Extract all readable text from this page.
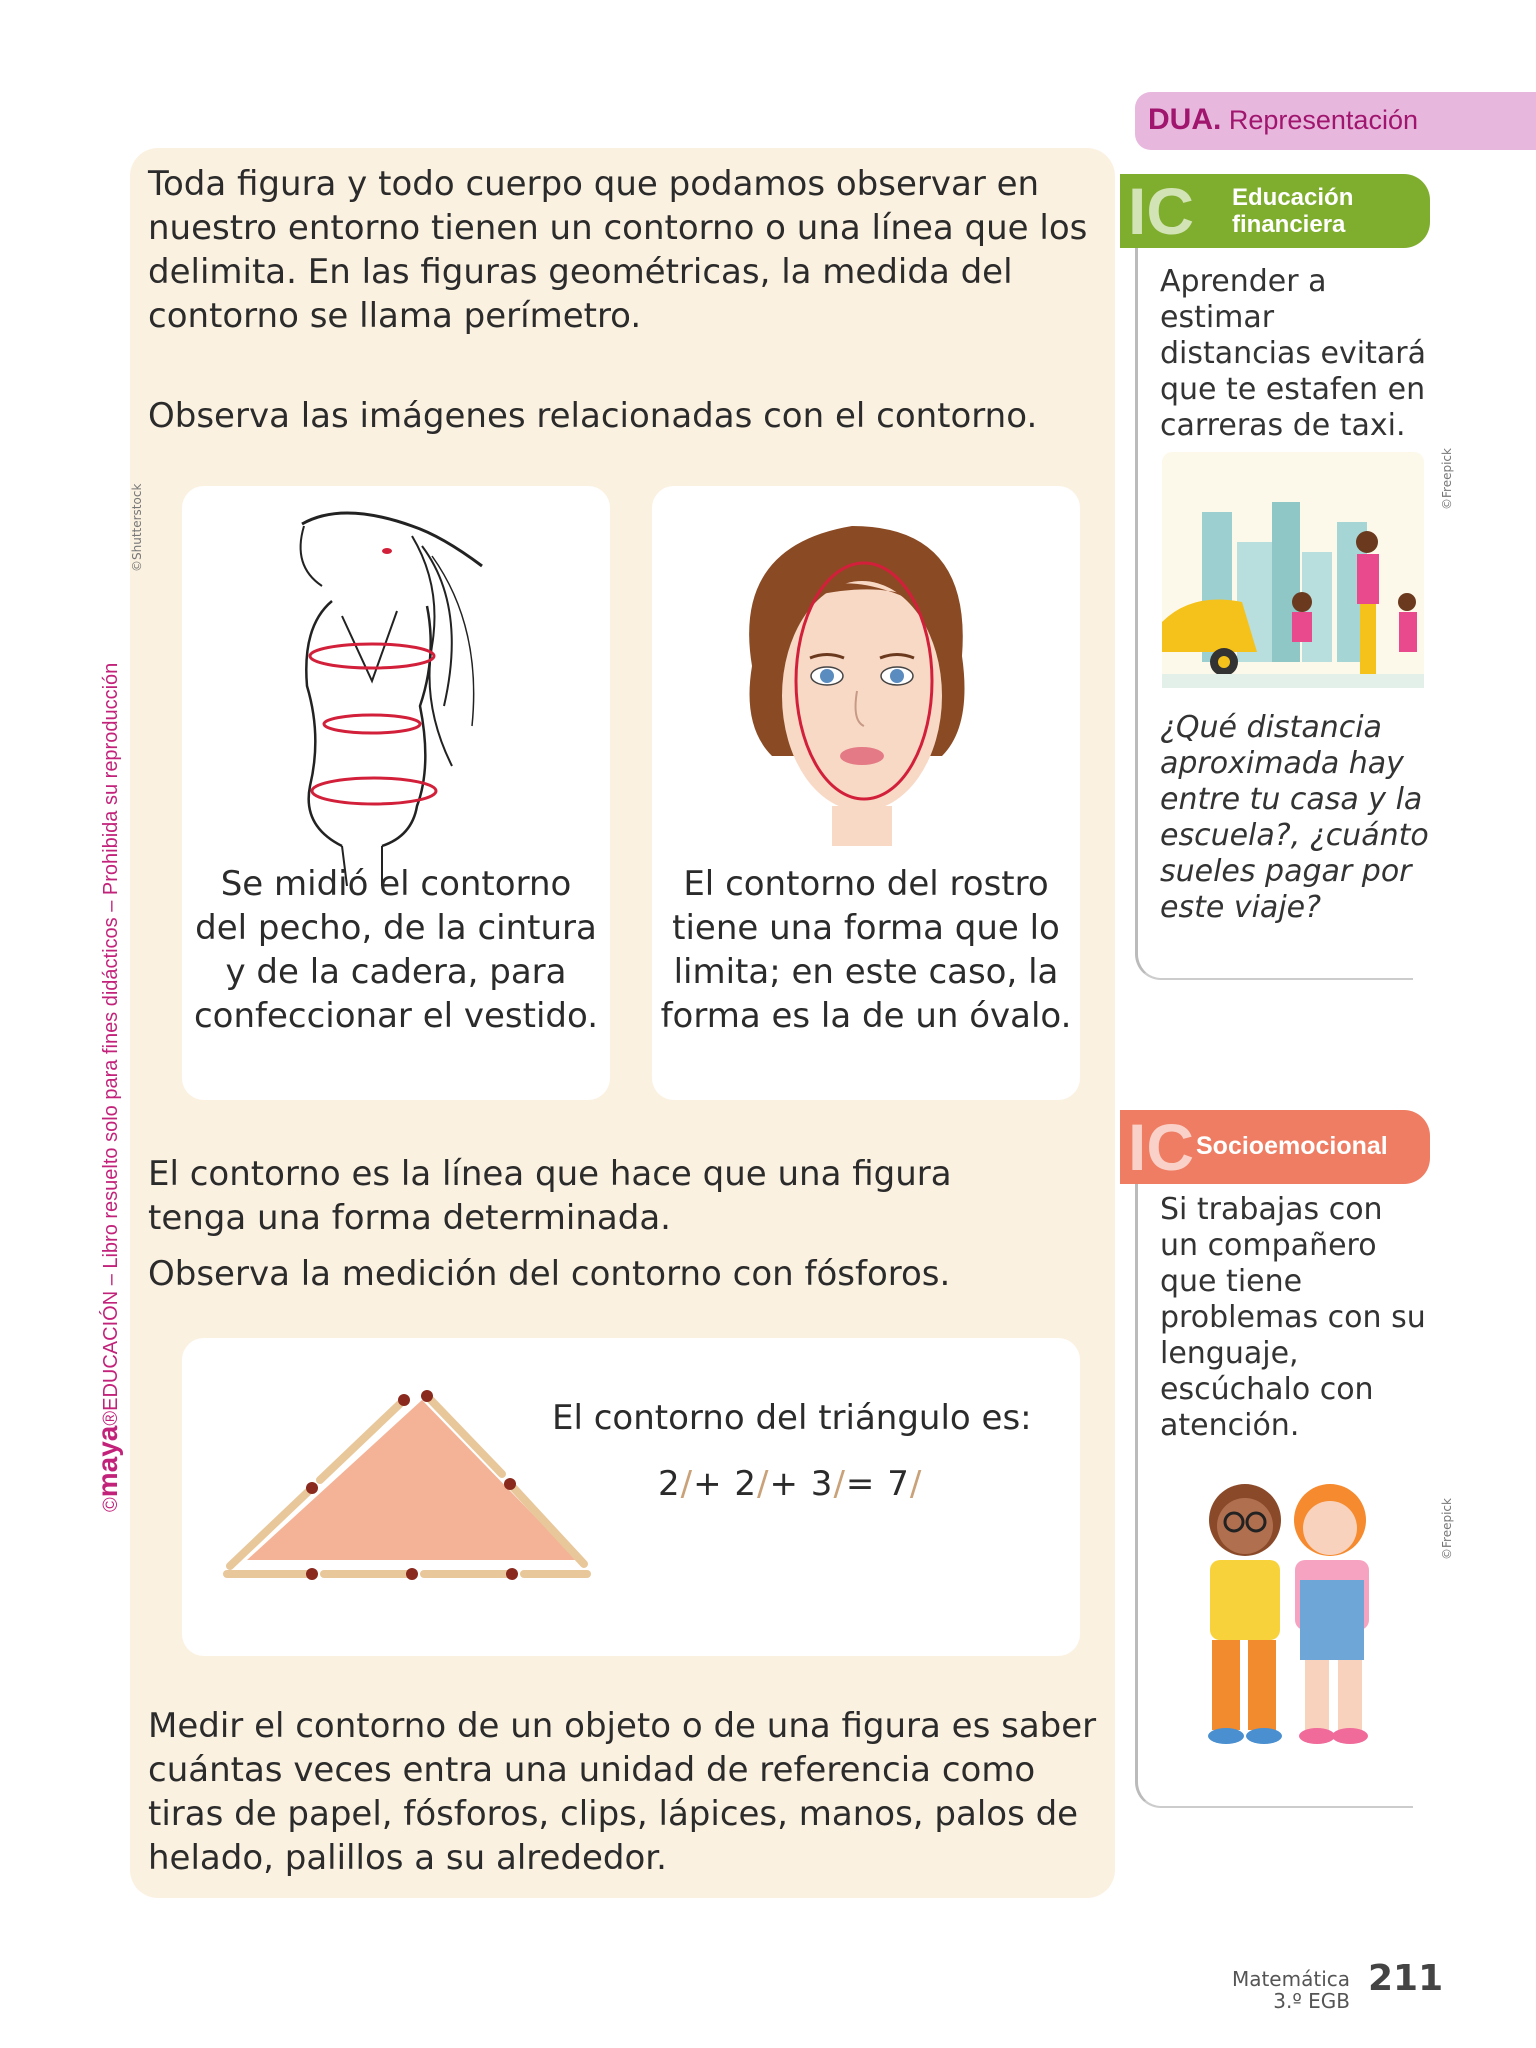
©maya®EDUCACIÓN – Libro resuelto solo para fines didácticos – Prohibida su reproducción
DUA. Representación
Toda figura y todo cuerpo que podamos observar en nuestro entorno tienen un contorno o una línea que los delimita. En las figuras geométricas, la medida del contorno se llama perímetro.
Observa las imágenes relacionadas con el contorno.
©Shutterstock
Se midió el contorno del pecho, de la cintura y de la cadera, para confeccionar el vestido.
El contorno del rostro tiene una forma que lo limita; en este caso, la forma es la de un óvalo.
El contorno es la línea que hace que una figura tenga una forma determinada.
Observa la medición del contorno con fósforos.
El contorno del triángulo es:
2/+ 2/+ 3/= 7/
Medir el contorno de un objeto o de una figura es saber cuántas veces entra una unidad de referencia como tiras de papel, fósforos, clips, lápices, manos, palos de helado, palillos a su alrededor.
IC Educación
financiera
Aprender a estimar distancias evitará que te estafen en carreras de taxi.
©Freepick
¿Qué distancia aproximada hay entre tu casa y la escuela?, ¿cuánto sueles pagar por este viaje?
IC Socioemocional
Si trabajas con un compañero que tiene problemas con su lenguaje, escúchalo con atención.
©Freepick
Matemática
3.º EGB
211
